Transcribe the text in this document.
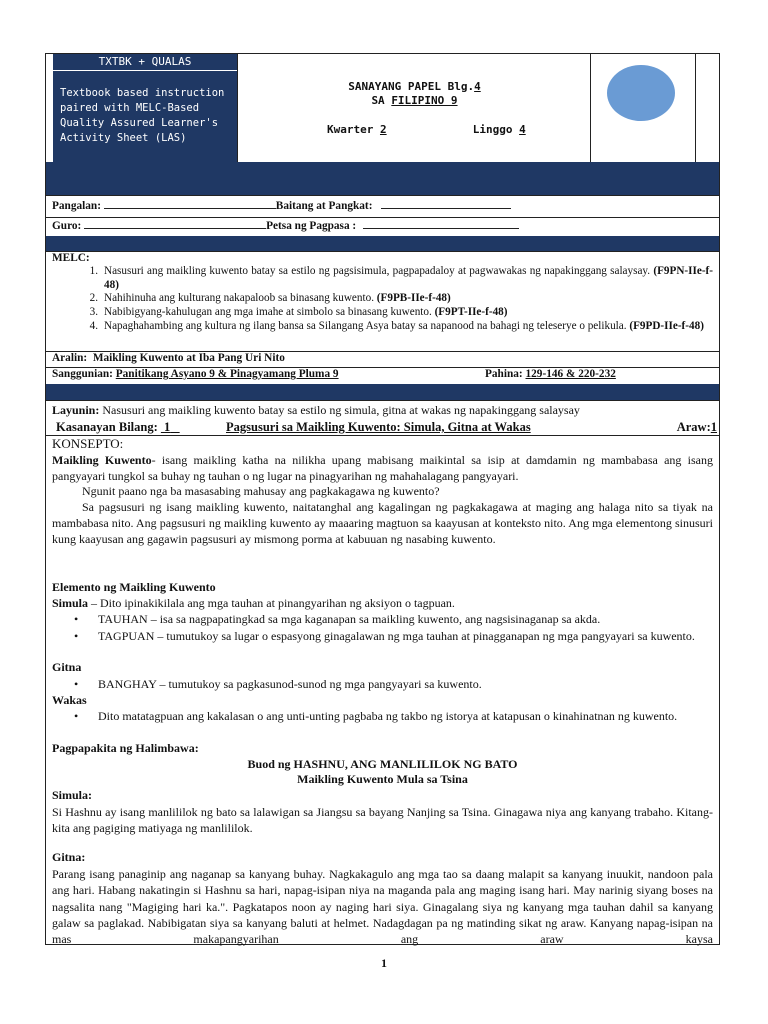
TXTBK + QUALAS
Textbook based instruction paired with MELC-Based Quality Assured Learner's Activity Sheet (LAS)
SANAYANG PAPEL Blg.4
SA FILIPINO 9
Kwarter 2	Linggo 4
Pangalan:	Baitang at Pangkat:
Guro:	Petsa ng Pagpasa :
MELC:
1. Nasusuri ang maikling kuwento batay sa estilo ng pagsisimula, pagpapadaloy at pagwawakas ng napakinggang salaysay. (F9PN-IIe-f-48)
2. Nahihinuha ang kulturang nakapaloob sa binasang kuwento. (F9PB-IIe-f-48)
3. Nabibigyang-kahulugan ang mga imahe at simbolo sa binasang kuwento. (F9PT-IIe-f-48)
4. Napaghahambing ang kultura ng ilang bansa sa Silangang Asya batay sa napanood na bahagi ng teleserye o pelikula. (F9PD-IIe-f-48)
Aralin: Maikling Kuwento at Iba Pang Uri Nito
Sanggunian: Panitikang Asyano 9 & Pinagyamang Pluma 9	Pahina: 129-146 & 220-232
Layunin: Nasusuri ang maikling kuwento batay sa estilo ng simula, gitna at wakas ng napakinggang salaysay
Kasanayan Bilang: 1	Pagsusuri sa Maikling Kuwento: Simula, Gitna at Wakas	Araw:1
KONSEPTO:
Maikling Kuwento- isang maikling katha na nilikha upang mabisang maikintal sa isip at damdamin ng mambabasa ang isang pangyayari tungkol sa buhay ng tauhan o ng lugar na pinagyarihan ng mahahalagang pangyayari.
Ngunit paano nga ba masasabing mahusay ang pagkakagawa ng kuwento?
Sa pagsusuri ng isang maikling kuwento, naitatanghal ang kagalingan ng pagkakagawa at maging ang halaga nito sa tiyak na mambabasa nito. Ang pagsusuri ng maikling kuwento ay maaaring magtuon sa kaayusan at konteksto nito. Ang mga elementong sinusuri kung kaayusan ang gagawin pagsusuri ay mismong porma at kabuuan ng nasabing kuwento.
Elemento ng Maikling Kuwento
Simula – Dito ipinakikilala ang mga tauhan at pinangyarihan ng aksiyon o tagpuan.
•	TAUHAN – isa sa nagpapatingkad sa mga kaganapan sa maikling kuwento, ang nagsisinaganap sa akda.
•	TAGPUAN – tumutukoy sa lugar o espasyong ginagalawan ng mga tauhan at pinagganapan ng mga pangyayari sa kuwento.
Gitna
•	BANGHAY – tumutukoy sa pagkasunod-sunod ng mga pangyayari sa kuwento.
Wakas
•	Dito matatagpuan ang kakalasan o ang unti-unting pagbaba ng takbo ng istorya at katapusan o kinahinatnan ng kuwento.
Pagpapakita ng Halimbawa:
Buod ng HASHNU, ANG MANLILILOK NG BATO
Maikling Kuwento Mula sa Tsina
Simula:
Si Hashnu ay isang manlililok ng bato sa lalawigan sa Jiangsu sa bayang Nanjing sa Tsina. Ginagawa niya ang kanyang trabaho. Kitang-kita ang pagiging matiyaga ng manlililok.
Gitna:
Parang isang panaginip ang naganap sa kanyang buhay. Nagkakagulo ang mga tao sa daang malapit sa kanyang inuukit, nandoon pala ang hari. Habang nakatingin si Hashnu sa hari, napag-isipan niya na maganda pala ang maging isang hari. May narinig siyang boses na nagsalita nang "Magiging hari ka.". Pagkatapos noon ay naging hari siya. Ginagalang siya ng kanyang mga tauhan dahil sa kanyang galaw sa paglakad. Nabibigatan siya sa kanyang baluti at helmet. Nadagdagan pa ng matinding sikat ng araw. Kanyang napag-isipan na mas makapangyarihan ang araw kaysa
1
